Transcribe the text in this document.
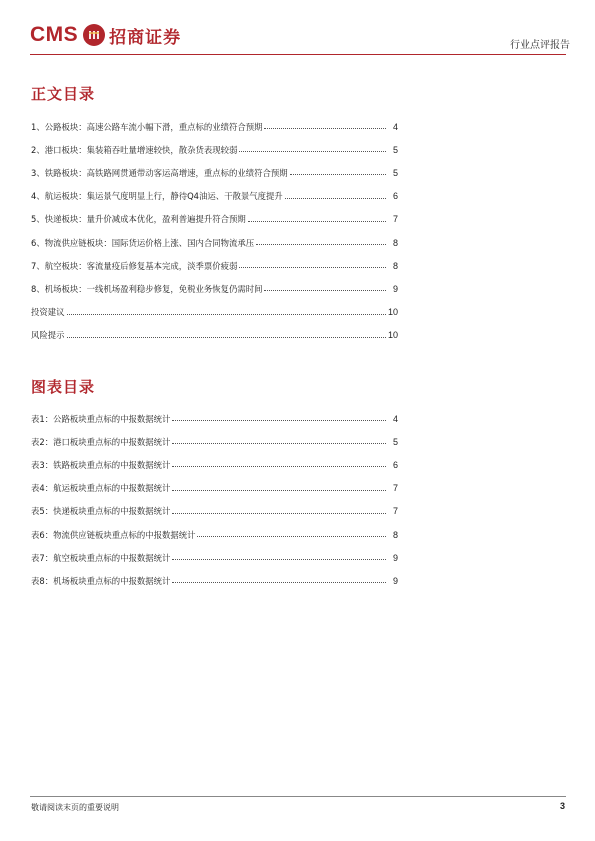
CMS 招商证券	行业点评报告
正文目录
1、公路板块：高速公路车流小幅下滑，重点标的业绩符合预期	4
2、港口板块：集装箱吞吐量增速较快，散杂货表现较弱	5
3、铁路板块：高铁路网贯通带动客运高增速，重点标的业绩符合预期	5
4、航运板块：集运景气度明显上行，静待Q4油运、干散景气度提升	6
5、快递板块：量升价减成本优化，盈利普遍提升符合预期	7
6、物流供应链板块：国际货运价格上涨、国内合同物流承压	8
7、航空板块：客流量疫后修复基本完成，淡季票价疲弱	8
8、机场板块：一线机场盈利稳步修复，免税业务恢复仍需时间	9
投资建议	10
风险提示	10
图表目录
表1：公路板块重点标的中报数据统计	4
表2：港口板块重点标的中报数据统计	5
表3：铁路板块重点标的中报数据统计	6
表4：航运板块重点标的中报数据统计	7
表5：快递板块重点标的中报数据统计	7
表6：物流供应链板块重点标的中报数据统计	8
表7：航空板块重点标的中报数据统计	9
表8：机场板块重点标的中报数据统计	9
敬请阅读末页的重要说明	3
